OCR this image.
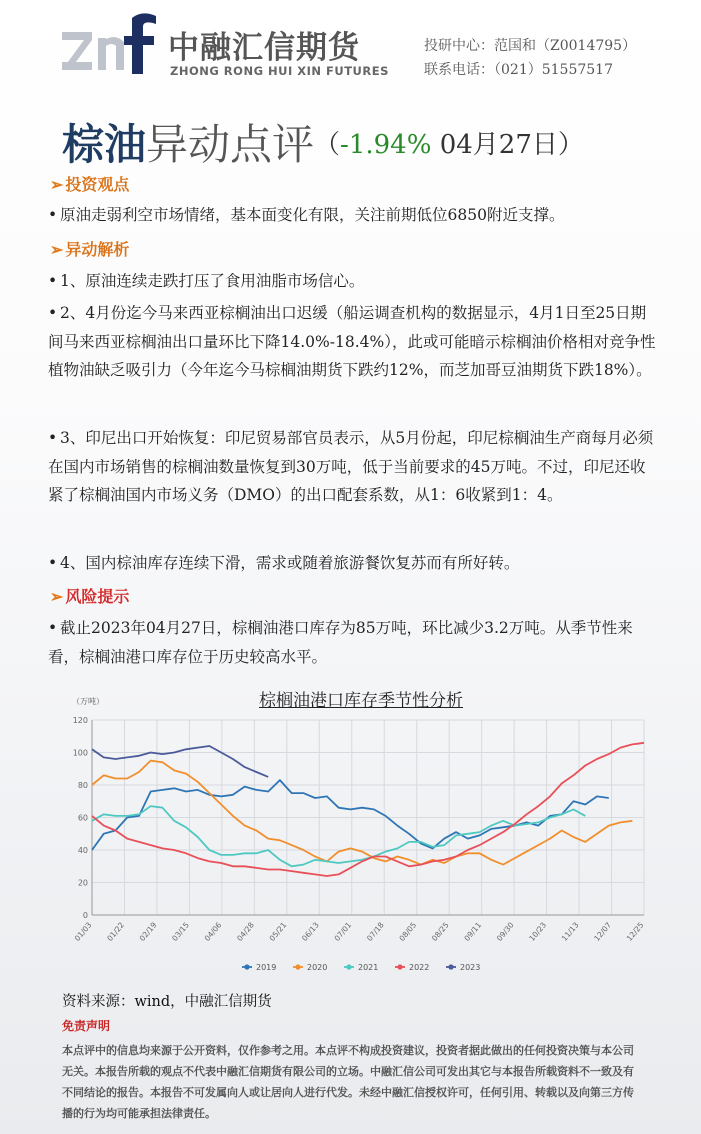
中融汇信期货
ZHONG RONG HUI XIN FUTURES
投研中心：范国和（Z0014795）
联系电话：（021）51557517
棕油异动点评（-1.94% 04月27日）
➢ 投资观点
• 原油走弱利空市场情绪，基本面变化有限，关注前期低位6850附近支撑。
➢ 异动解析
• 1、原油连续走跌打压了食用油脂市场信心。
• 2、4月份迄今马来西亚棕榈油出口迟缓（船运调查机构的数据显示，4月1日至25日期间马来西亚棕榈油出口量环比下降14.0%-18.4%），此或可能暗示棕榈油价格相对竞争性植物油缺乏吸引力（今年迄今马棕榈油期货下跌约12%，而芝加哥豆油期货下跌18%）。
• 3、印尼出口开始恢复：印尼贸易部官员表示，从5月份起，印尼棕榈油生产商每月必须在国内市场销售的棕榈油数量恢复到30万吨，低于当前要求的45万吨。不过，印尼还收紧了棕榈油国内市场义务（DMO）的出口配套系数，从1：6收紧到1：4。
• 4、国内棕油库存连续下滑，需求或随着旅游餐饮复苏而有所好转。
➢ 风险提示
• 截止2023年04月27日，棕榈油港口库存为85万吨，环比减少3.2万吨。从季节性来看，棕榈油港口库存位于历史较高水平。
0
20
40
60
80
100
120
（万吨）
01/03 01/22 02/19 03/15 04/06 04/28 05/21 06/13 07/01 07/18 08/05 08/25 09/11 09/30 10/23 11/13 12/07 12/25
2019	2020	2021	2022	2023
棕榈油港口库存季节性分析
资料来源：wind，中融汇信期货
免责声明
本点评中的信息均来源于公开资料，仅作参考之用。本点评不构成投资建议，投资者据此做出的任何投资决策与本公司无关。本报告所载的观点不代表中融汇信期货有限公司的立场。中融汇信公司可发出其它与本报告所载资料不一致及有不同结论的报告。本报告不可发属向人或让居向人进行代发。未经中融汇信授权许可，任何引用、转载以及向第三方传播的行为均可能承担法律责任。
